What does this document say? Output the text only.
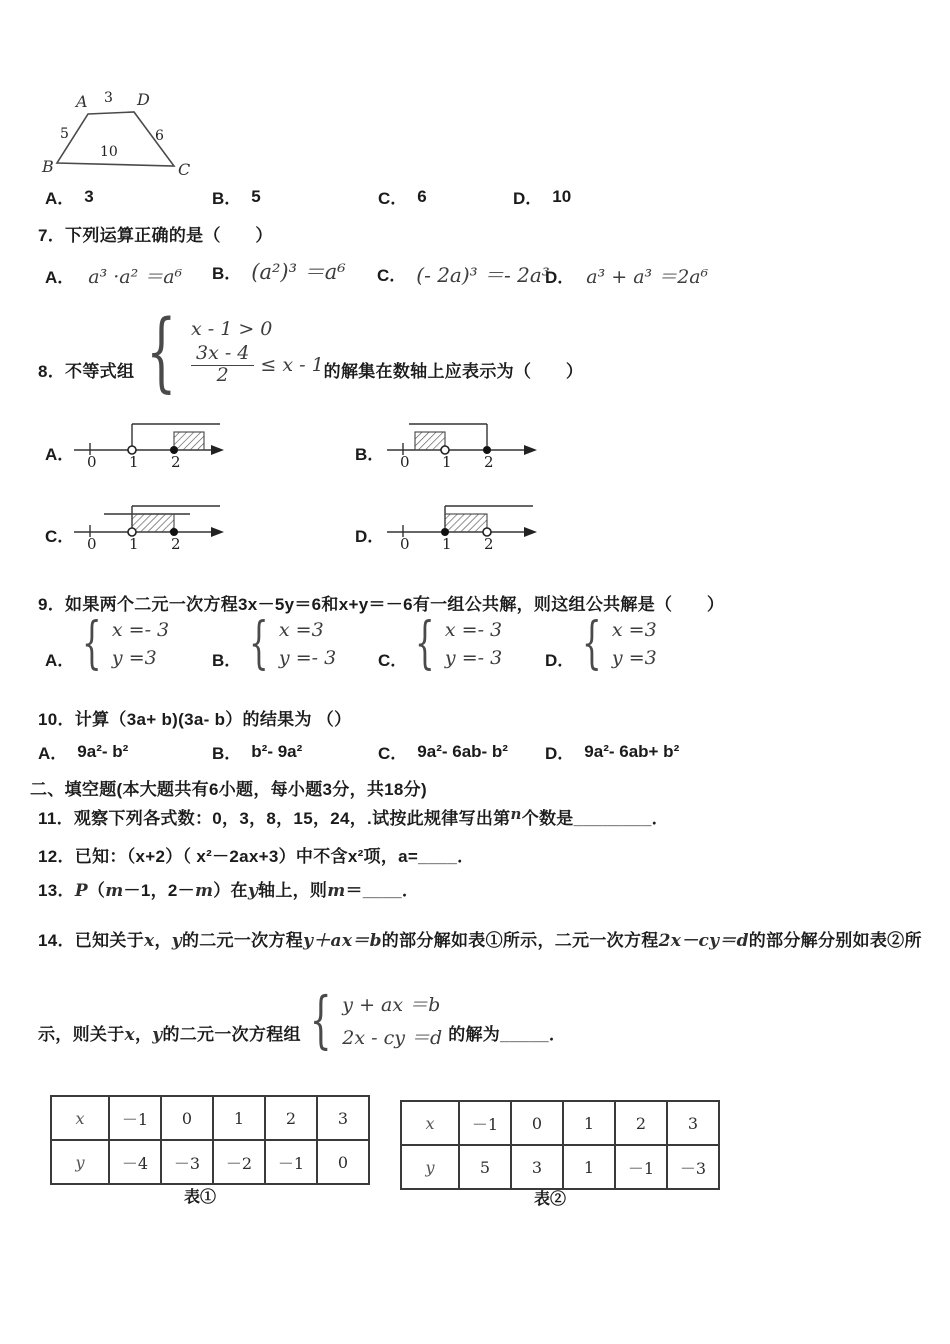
A 3 D
5	6
10
B	C
A． 3	B． 5	C． 6	D． 10
7．下列运算正确的是（　　）
A． a³ ·a² ＝a⁶ B． (a²)³ ＝a⁶ C． (- 2a)³ ＝- 2a³
D． a³ + a³ ＝2a⁶
8．不等式组 { x - 1 > 0
$\frac{3x - 4}{2} \le x - 1$ 的解集在数轴上应表示为（　　）
A． 0 1 2	B． 0 1 2
C． 0 1 2	D． 0 1 2
9．如果两个二元一次方程3x－5y＝6和x+y＝－6有一组公共解，则这组公共解是（　　）
A． { x =- 3
y =3	B． { x =3
y =- 3 C． { x =- 3
y =- 3	D． { x =3
y =3
10．计算（3a+ b)(3a- b）的结果为 （）
A． 9a²- b²	B． b²- 9a²	C． 9a²- 6ab- b² D． 9a²- 6ab+ b²
二、填空题(本大题共有6小题，每小题3分，共18分)
11．观察下列各式数：0，3，8，15，24，.试按此规律写出第n个数是________．
12．已知：（x+2）（ x²－2ax+3）中不含x²项，a=____．
13．P（m－1，2－m）在y轴上，则m＝____．
14．已知关于x，y的二元一次方程y＋ax＝b的部分解如表①所示，二元一次方程2x－cy＝d的部分解分别如表②所
示，则关于x，y的二元一次方程组 { y + ax ＝b
2x - cy ＝d 的解为_____．
x	－1	0	1	2	3
y	－4	－3	－2	－1	0
表①
x	－1	0	1	2	3
y	5	3	1	－1	－3
表②
